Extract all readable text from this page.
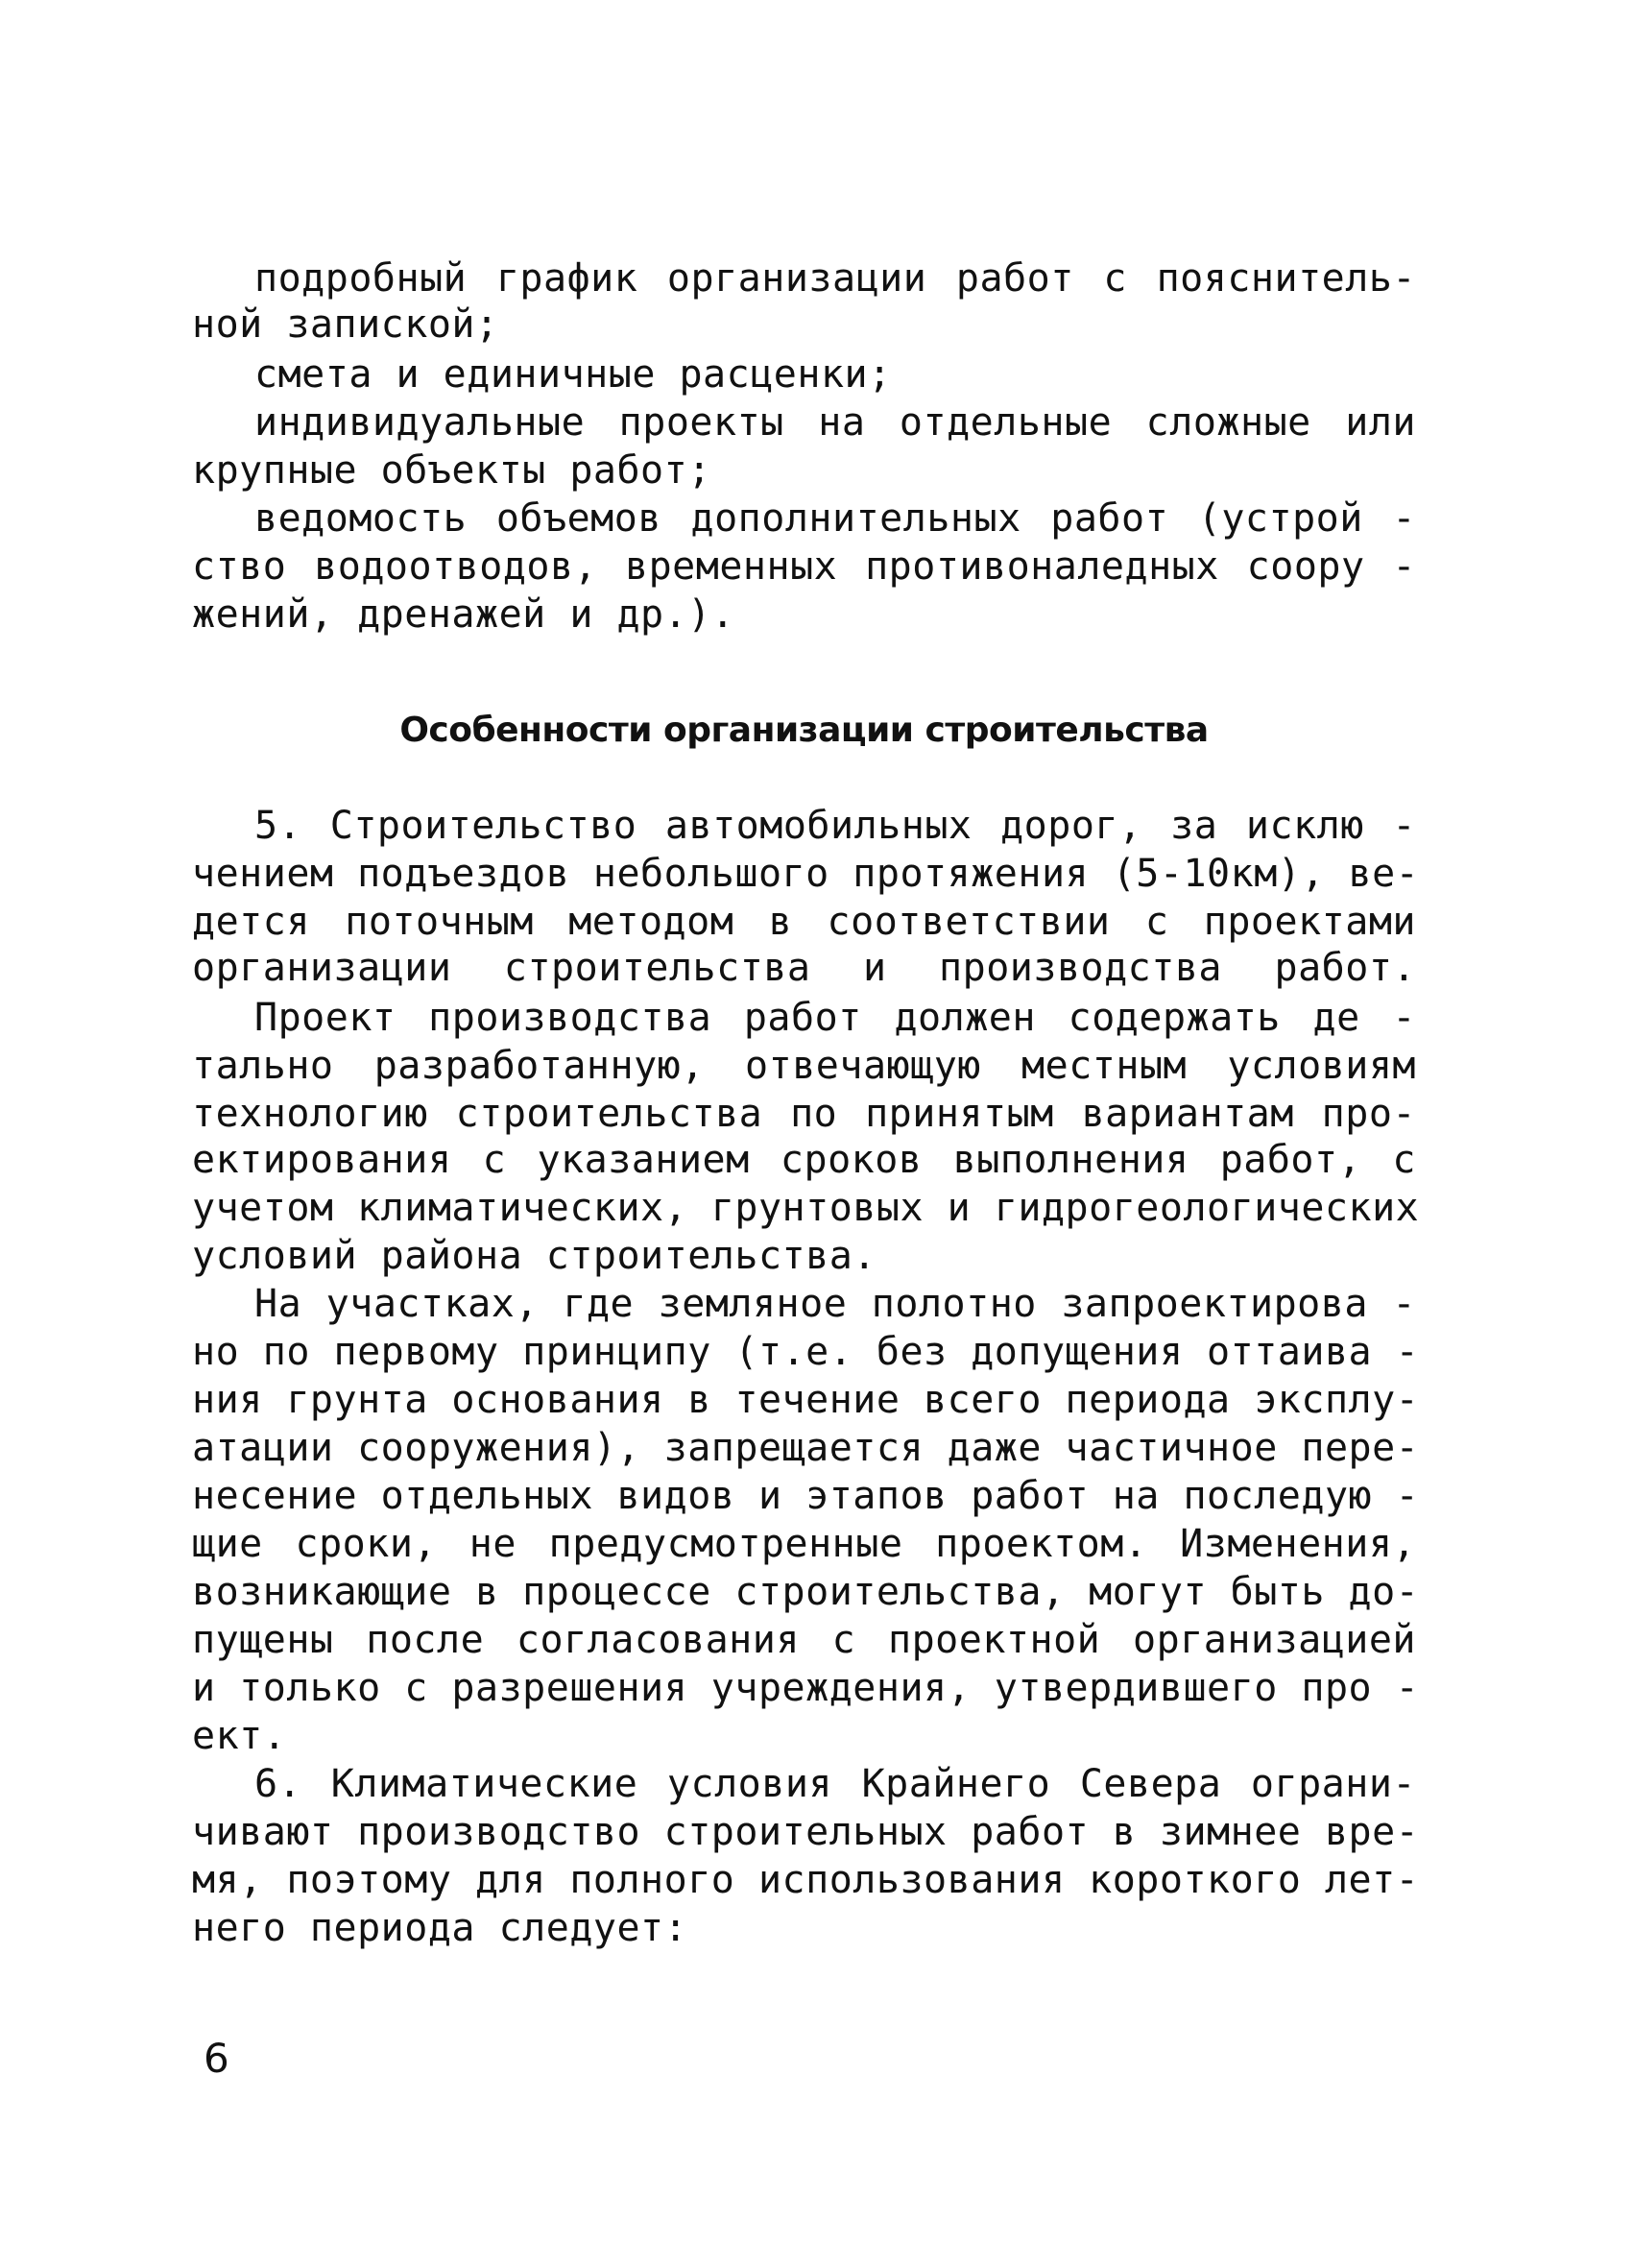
подробный график организации работ с пояснитель-
ной запиской;
смета и единичные расценки;
индивидуальные проекты на отдельные сложные или
крупные объекты работ;
ведомость объемов дополнительных работ (устрой -
ство водоотводов, временных противоналедных соору -
жений, дренажей и др.).
Особенности организации строительства
5. Строительство автомобильных дорог, за исклю -
чением подъездов небольшого протяжения (5-10км), ве-
дется поточным методом в соответствии с проектами
организации строительства и производства работ.
Проект производства работ должен содержать де -
тально разработанную, отвечающую местным условиям
технологию строительства по принятым вариантам про-
ектирования с указанием сроков выполнения работ, с
учетом климатических, грунтовых и гидрогеологических
условий района строительства.
На участках, где земляное полотно запроектирова -
но по первому принципу (т.е. без допущения оттаива -
ния грунта основания в течение всего периода эксплу-
атации сооружения), запрещается даже частичное пере-
несение отдельных видов и этапов работ на последую -
щие сроки, не предусмотренные проектом. Изменения,
возникающие в процессе строительства, могут быть до-
пущены после согласования с проектной организацией
и только с разрешения учреждения, утвердившего про -
ект.
6. Климатические условия Крайнего Севера ограни-
чивают производство строительных работ в зимнее вре-
мя, поэтому для полного использования короткого лет-
него периода следует:
6
